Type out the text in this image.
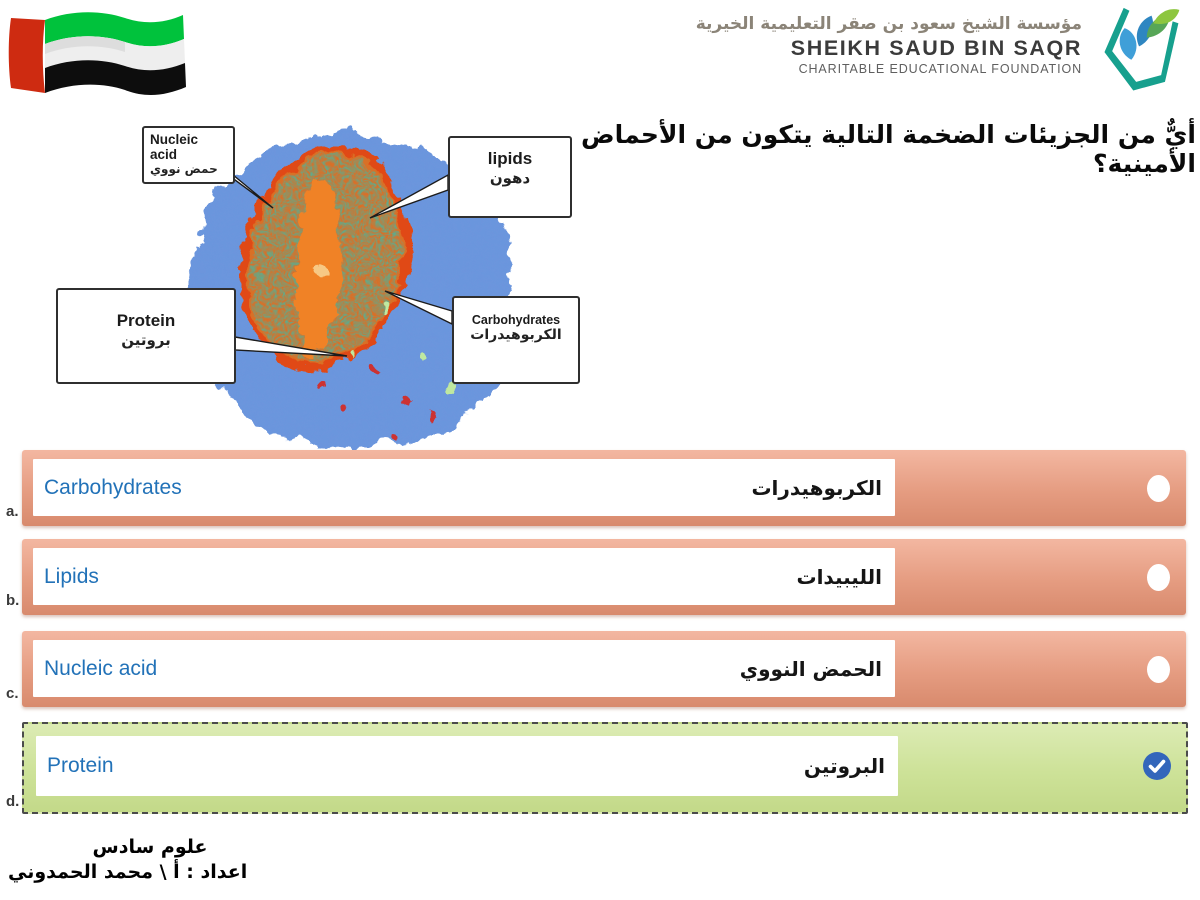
مؤسسة الشيخ سعود بن صقر التعليمية الخيرية
SHEIKH SAUD BIN SAQR
CHARITABLE EDUCATIONAL FOUNDATION
أيٌّ من الجزيئات الضخمة التالية يتكون من الأحماض الأمينية؟
Nucleic acid
حمض نووي
lipids
دهون
Protein
بروتين
Carbohydrates
الكربوهيدرات
a.
Carbohydrates	الكربوهيدرات
b.
Lipids	الليبيدات
c.
Nucleic acid	الحمض النووي
d.
Protein	البروتين
علوم سادس
اعداد : أ \ محمد الحمدوني
